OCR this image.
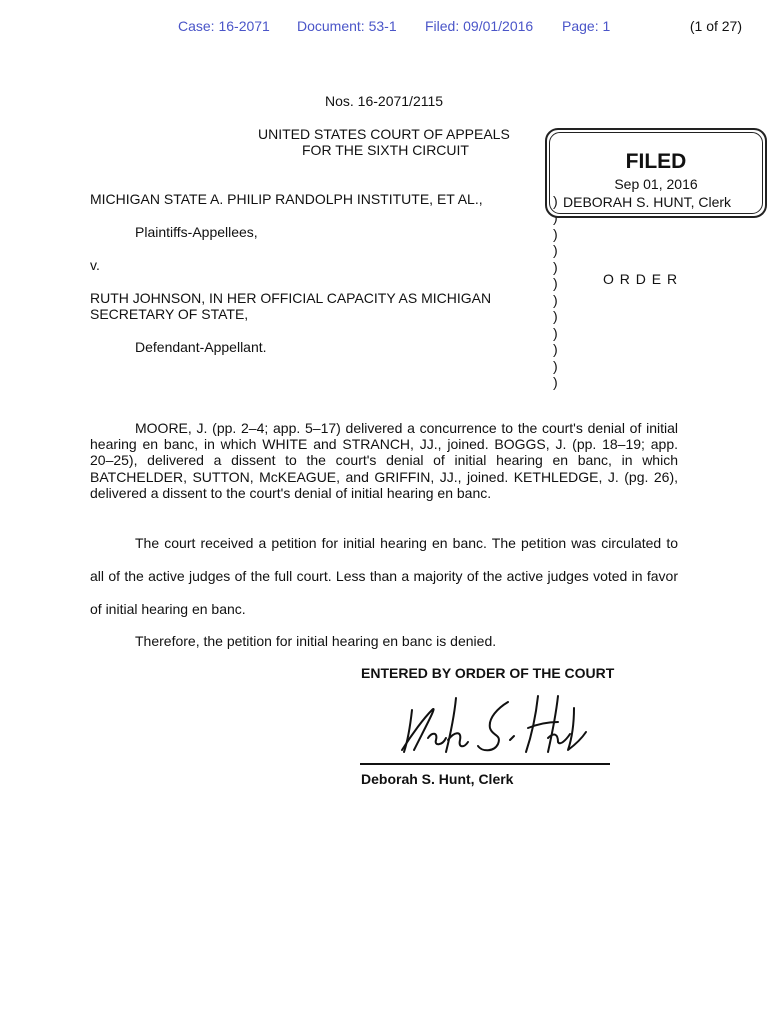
Case: 16-2071 Document: 53-1 Filed: 09/01/2016 Page: 1	(1 of 27)
Nos. 16-2071/2115
UNITED STATES COURT OF APPEALS
FOR THE SIXTH CIRCUIT
MICHIGAN STATE A. PHILIP RANDOLPH INSTITUTE, ET AL.,
Plaintiffs-Appellees,
v.
RUTH JOHNSON, IN HER OFFICIAL CAPACITY AS MICHIGAN
SECRETARY OF STATE,
Defendant-Appellant.
)
)
)
)
)
)
)
)
)
)
O R D E R
FILED
Sep 01, 2016
DEBORAH S. HUNT, Clerk
)

MOORE, J. (pp. 2–4; app. 5–17) delivered a concurrence to the court's denial of initial hearing en banc, in which WHITE and STRANCH, JJ., joined. BOGGS, J. (pp. 18–19; app. 20–25), delivered a dissent to the court's denial of initial hearing en banc, in which BATCHELDER, SUTTON, McKEAGUE, and GRIFFIN, JJ., joined. KETHLEDGE, J. (pg. 26), delivered a dissent to the court's denial of initial hearing en banc.

The court received a petition for initial hearing en banc. The petition was circulated to all of the active judges of the full court. Less than a majority of the active judges voted in favor of initial hearing en banc.

Therefore, the petition for initial hearing en banc is denied.
ENTERED BY ORDER OF THE COURT
Deborah S. Hunt, Clerk
